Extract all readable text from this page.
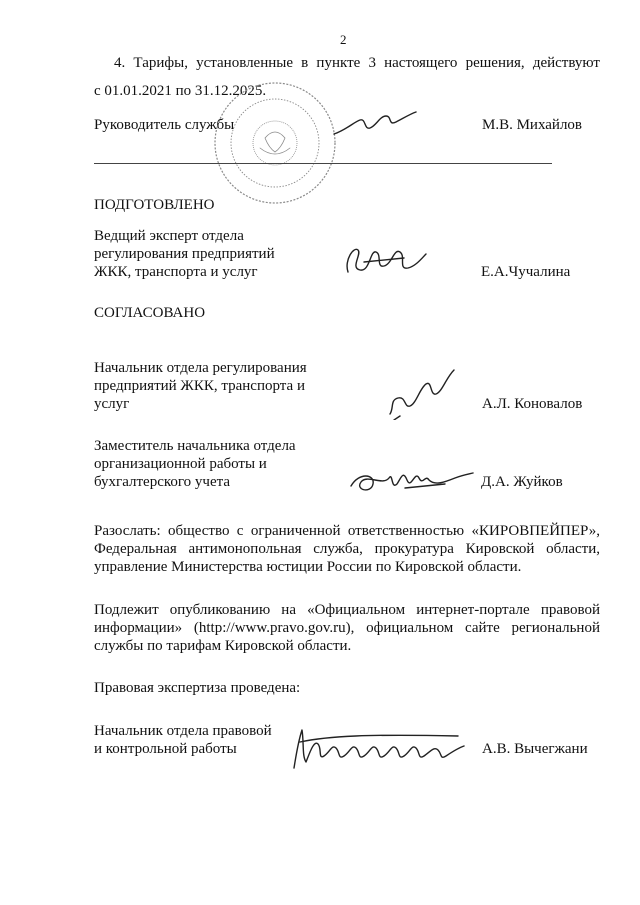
2
4. Тарифы, установленные в пункте 3 настоящего решения, действуют
с 01.01.2021 по 31.12.2025.
Руководитель службы	М.В. Михайлов
ПОДГОТОВЛЕНО
Ведщий эксперт отдела
регулирования предприятий
ЖКК, транспорта и услуг	Е.А.Чучалина
СОГЛАСОВАНО
Начальник отдела регулирования
предприятий ЖКК, транспорта и
услуг	А.Л. Коновалов
Заместитель начальника отдела
организационной работы и
бухгалтерского учета	Д.А. Жуйков
Разослать: общество с ограниченной ответственностью «КИРОВПЕЙПЕР»,
Федеральная антимонопольная служба, прокуратура Кировской области,
управление Министерства юстиции России по Кировской области.
Подлежит опубликованию на «Официальном интернет-портале правовой
информации» (http://www.pravo.gov.ru), официальном сайте региональной
службы по тарифам Кировской области.
Правовая экспертиза проведена:
Начальник отдела правовой
и контрольной работы	А.В. Вычегжани
